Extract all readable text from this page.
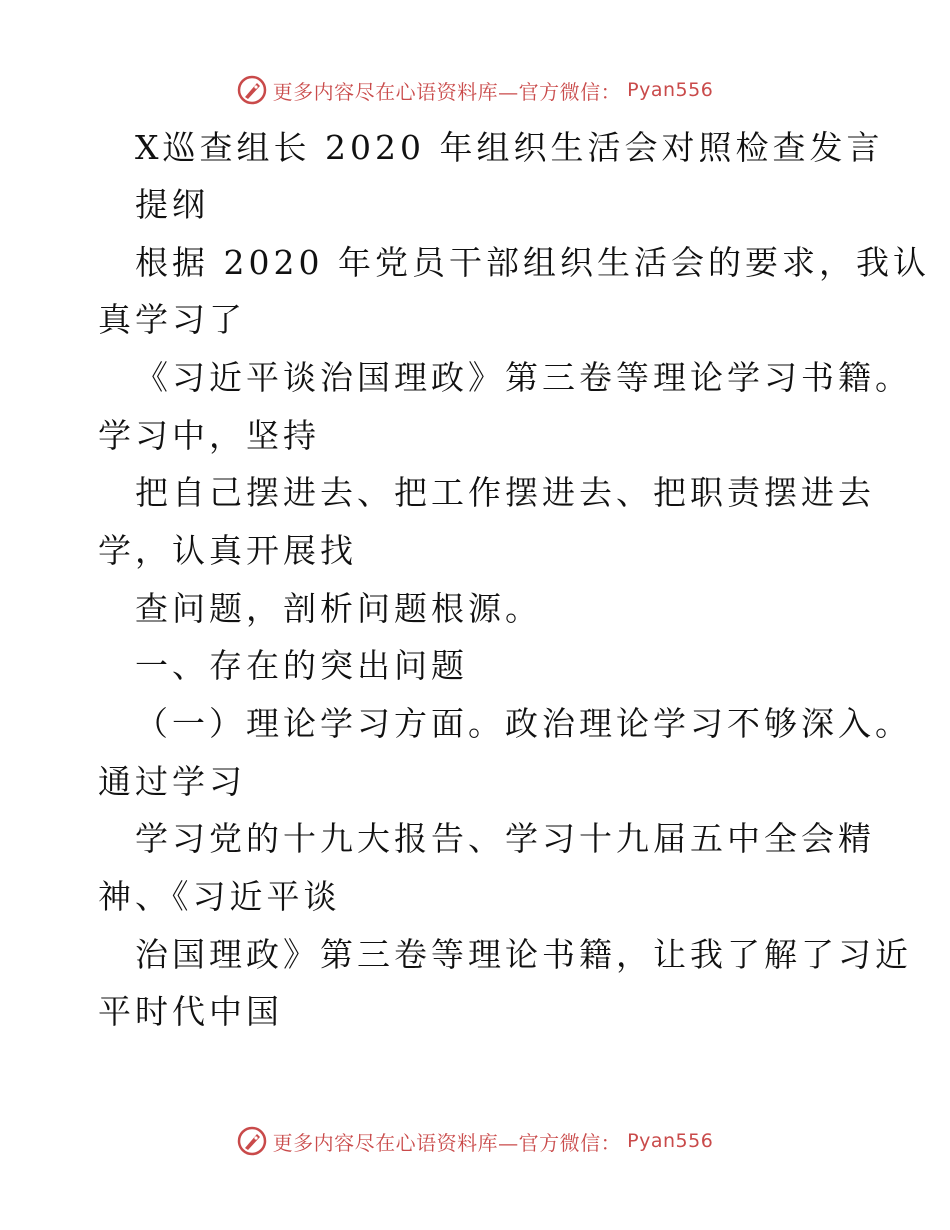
更多内容尽在心语资料库—官方微信： Pyan556
X巡查组长 2020 年组织生活会对照检查发言
提纲
根据 2020 年党员干部组织生活会的要求，我认
真学习了
《习近平谈治国理政》第三卷等理论学习书籍。
学习中，坚持
把自己摆进去、把工作摆进去、把职责摆进去
学，认真开展找
查问题，剖析问题根源。
一、存在的突出问题
（一）理论学习方面。政治理论学习不够深入。
通过学习
学习党的十九大报告、学习十九届五中全会精
神、《习近平谈
治国理政》第三卷等理论书籍，让我了解了习近
平时代中国
更多内容尽在心语资料库—官方微信： Pyan556
